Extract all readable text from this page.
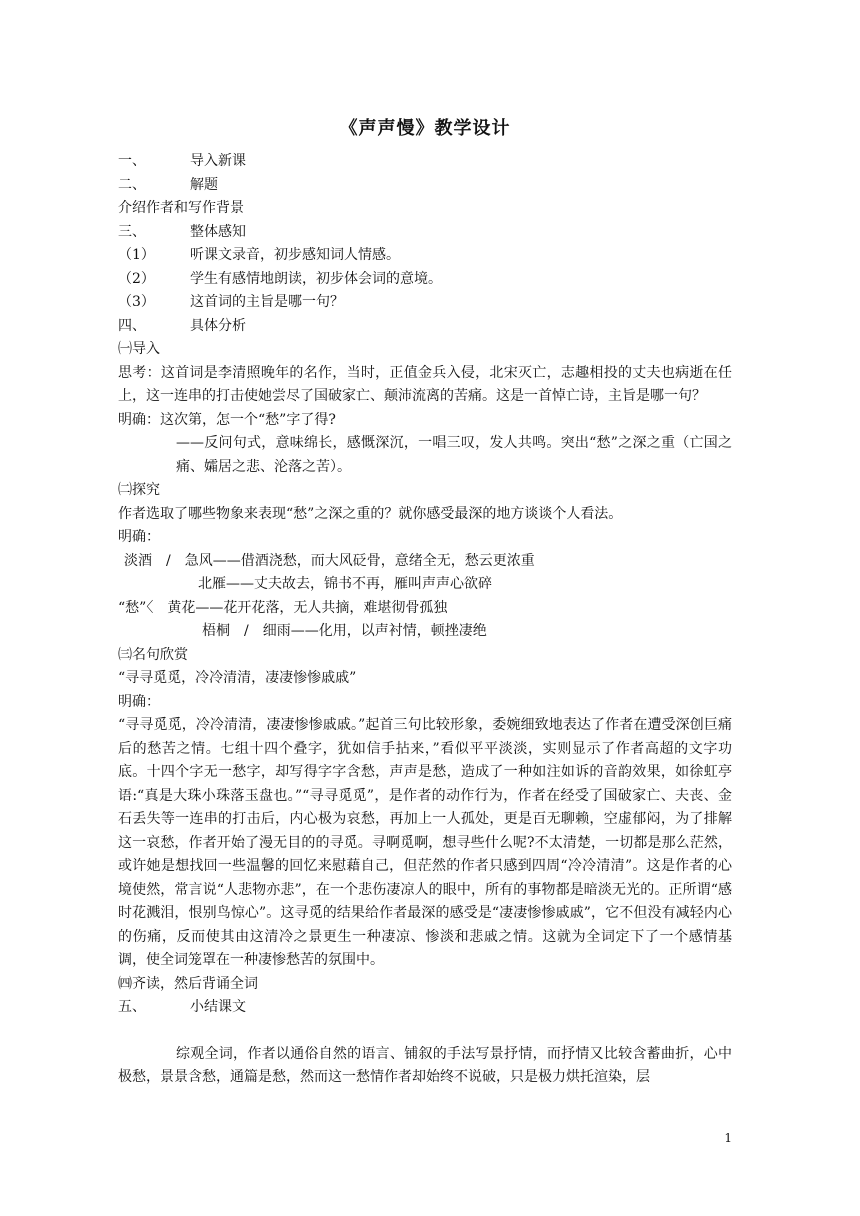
《声声慢》教学设计
一、	导入新课
二、	解题
介绍作者和写作背景
三、	整体感知
（1）	听课文录音，初步感知词人情感。
（2）	学生有感情地朗读，初步体会词的意境。
（3）	这首词的主旨是哪一句？
四、	具体分析
㈠导入
思考：这首词是李清照晚年的名作，当时，正值金兵入侵，北宋灭亡，志趣相投的丈夫也病逝在任上，这一连串的打击使她尝尽了国破家亡、颠沛流离的苦痛。这是一首悼亡诗，主旨是哪一句？
明确：这次第，怎一个“愁”字了得?
——反问句式，意味绵长，感慨深沉，一唱三叹，发人共鸣。突出“愁”之深之重（亡国之痛、孀居之悲、沦落之苦）。
㈡探究
作者选取了哪些物象来表现“愁”之深之重的？就你感受最深的地方谈谈个人看法。
明确：
淡酒　/　急风——借酒浇愁，而大风砭骨，意绪全无，愁云更浓重
北雁——丈夫故去，锦书不再，雁叫声声心欲碎
“愁”〈　黄花——花开花落，无人共摘，难堪彻骨孤独
梧桐　/　细雨——化用，以声衬情，顿挫凄绝
㈢名句欣赏
“寻寻觅觅，冷冷清清，凄凄惨惨戚戚”
明确：
“寻寻觅觅，冷冷清清，凄凄惨惨戚戚。”起首三句比较形象，委婉细致地表达了作者在遭受深创巨痛后的愁苦之情。七组十四个叠字，犹如信手拈来，”看似平平淡淡，实则显示了作者高超的文字功底。十四个字无一愁字，却写得字字含愁，声声是愁，造成了一种如注如诉的音韵效果，如徐虹亭语:“真是大珠小珠落玉盘也。”“寻寻觅觅”，是作者的动作行为，作者在经受了国破家亡、夫丧、金石丢失等一连串的打击后，内心极为哀愁，再加上一人孤处，更是百无聊赖，空虚郁闷，为了排解这一哀愁，作者开始了漫无目的的寻觅。寻啊觅啊，想寻些什么呢?不太清楚，一切都是那么茫然，或许她是想找回一些温馨的回忆来慰藉自己，但茫然的作者只感到四周“冷冷清清”。这是作者的心境使然，常言说“人悲物亦悲”，在一个悲伤凄凉人的眼中，所有的事物都是暗淡无光的。正所谓“感时花溅泪，恨别鸟惊心”。这寻觅的结果给作者最深的感受是“凄凄惨惨戚戚”，它不但没有减轻内心的伤痛，反而使其由这清冷之景更生一种凄凉、惨淡和悲戚之情。这就为全词定下了一个感情基调，使全词笼罩在一种凄惨愁苦的氛围中。
㈣齐读，然后背诵全词
五、	小结课文
综观全词，作者以通俗自然的语言、铺叙的手法写景抒情，而抒情又比较含蓄曲折，心中极愁，景景含愁，通篇是愁，然而这一愁情作者却始终不说破，只是极力烘托渲染，层
1
